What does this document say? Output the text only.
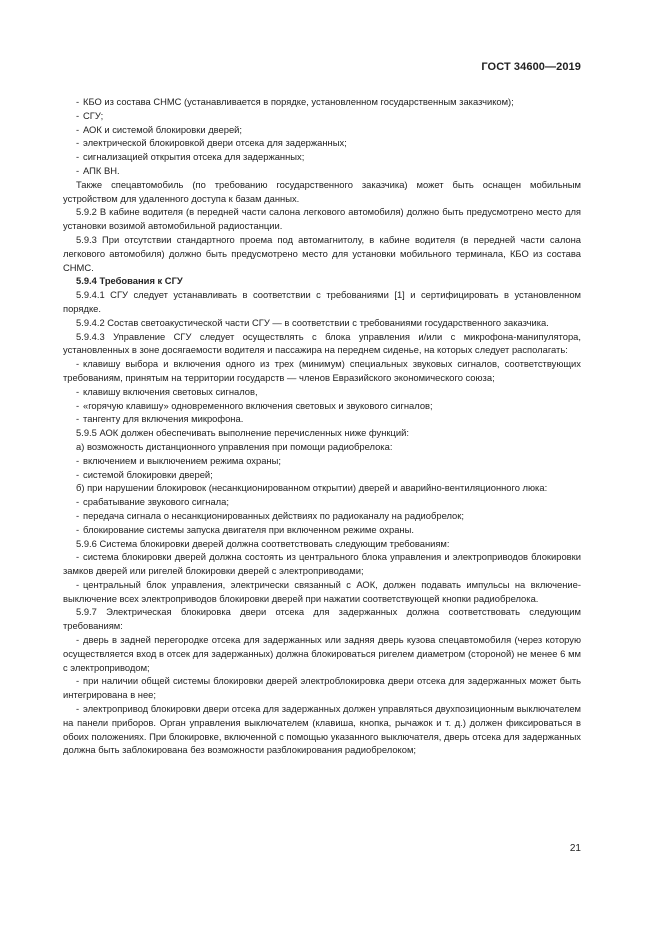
ГОСТ 34600—2019

- КБО из состава СНМС (устанавливается в порядке, установленном государственным заказчиком);

- СГУ;

- АОК и системой блокировки дверей;

- электрической блокировкой двери отсека для задержанных;

- сигнализацией открытия отсека для задержанных;

- АПК ВН.

Также спецавтомобиль (по требованию государственного заказчика) может быть оснащен мобильным устройством для удаленного доступа к базам данных.

5.9.2 В кабине водителя (в передней части салона легкового автомобиля) должно быть предусмотрено место для установки возимой автомобильной радиостанции.

5.9.3 При отсутствии стандартного проема под автомагнитолу, в кабине водителя (в передней части салона легкового автомобиля) должно быть предусмотрено место для установки мобильного терминала, КБО из состава СНМС.

5.9.4 Требования к СГУ

5.9.4.1 СГУ следует устанавливать в соответствии с требованиями [1] и сертифицировать в установленном порядке.

5.9.4.2 Состав светоакустической части СГУ — в соответствии с требованиями государственного заказчика.

5.9.4.3 Управление СГУ следует осуществлять с блока управления и/или с микрофона-манипулятора, установленных в зоне досягаемости водителя и пассажира на переднем сиденье, на которых следует располагать:

- клавишу выбора и включения одного из трех (минимум) специальных звуковых сигналов, соответствующих требованиям, принятым на территории государств — членов Евразийского экономического союза;

- клавишу включения световых сигналов,

- «горячую клавишу» одновременного включения световых и звукового сигналов;

- тангенту для включения микрофона.

5.9.5 АОК должен обеспечивать выполнение перечисленных ниже функций:

а) возможность дистанционного управления при помощи радиобрелока:

- включением и выключением режима охраны;

- системой блокировки дверей;

б) при нарушении блокировок (несанкционированном открытии) дверей и аварийно-вентиляционного люка:

- срабатывание звукового сигнала;

- передача сигнала о несанкционированных действиях по радиоканалу на радиобрелок;

- блокирование системы запуска двигателя при включенном режиме охраны.

5.9.6 Система блокировки дверей должна соответствовать следующим требованиям:

- система блокировки дверей должна состоять из центрального блока управления и электроприводов блокировки замков дверей или ригелей блокировки дверей с электроприводами;

- центральный блок управления, электрически связанный с АОК, должен подавать импульсы на включение-выключение всех электроприводов блокировки дверей при нажатии соответствующей кнопки радиобрелока.

5.9.7 Электрическая блокировка двери отсека для задержанных должна соответствовать следующим требованиям:

- дверь в задней перегородке отсека для задержанных или задняя дверь кузова спецавтомобиля (через которую осуществляется вход в отсек для задержанных) должна блокироваться ригелем диаметром (стороной) не менее 6 мм с электроприводом;

- при наличии общей системы блокировки дверей электроблокировка двери отсека для задержанных может быть интегрирована в нее;

- электропривод блокировки двери отсека для задержанных должен управляться двухпозиционным выключателем на панели приборов. Орган управления выключателем (клавиша, кнопка, рычажок и т. д.) должен фиксироваться в обоих положениях. При блокировке, включенной с помощью указанного выключателя, дверь отсека для задержанных должна быть заблокирована без возможности разблокирования радиобрелоком;

21
